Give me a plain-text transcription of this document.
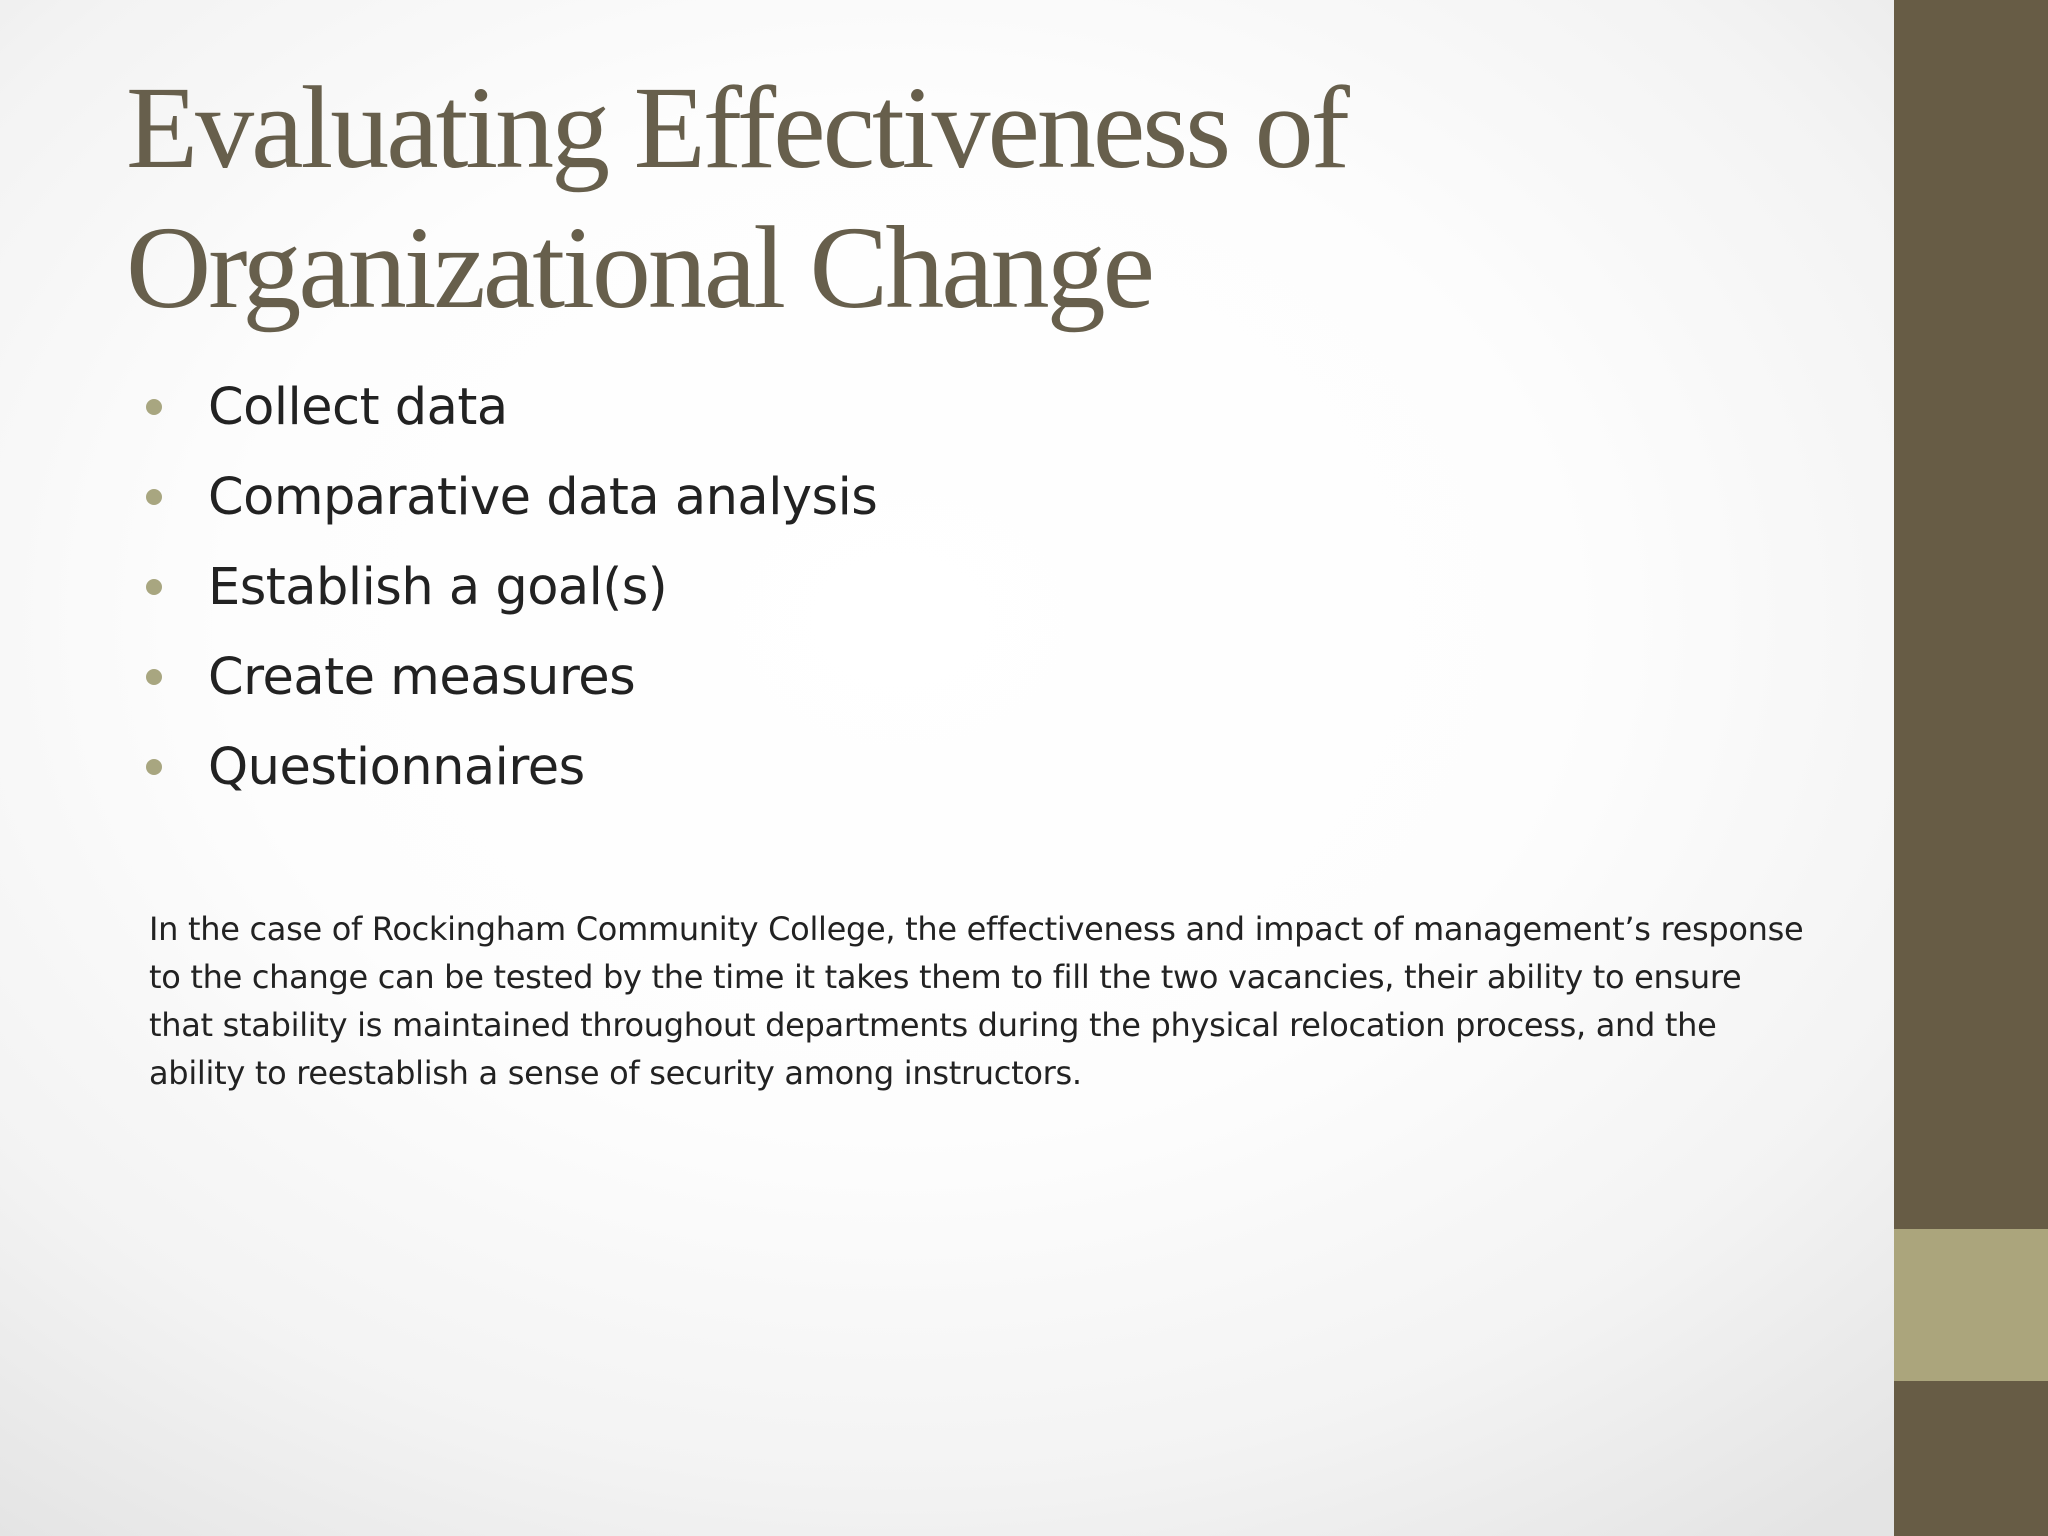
Evaluating Effectiveness of
Organizational Change
Collect data
Comparative data analysis
Establish a goal(s)
Create measures
Questionnaires

In the case of Rockingham Community College, the effectiveness and impact of management’s response to the change can be tested by the time it takes them to fill the two vacancies, their ability to ensure that stability is maintained throughout departments during the physical relocation process, and the ability to reestablish a sense of security among instructors.
